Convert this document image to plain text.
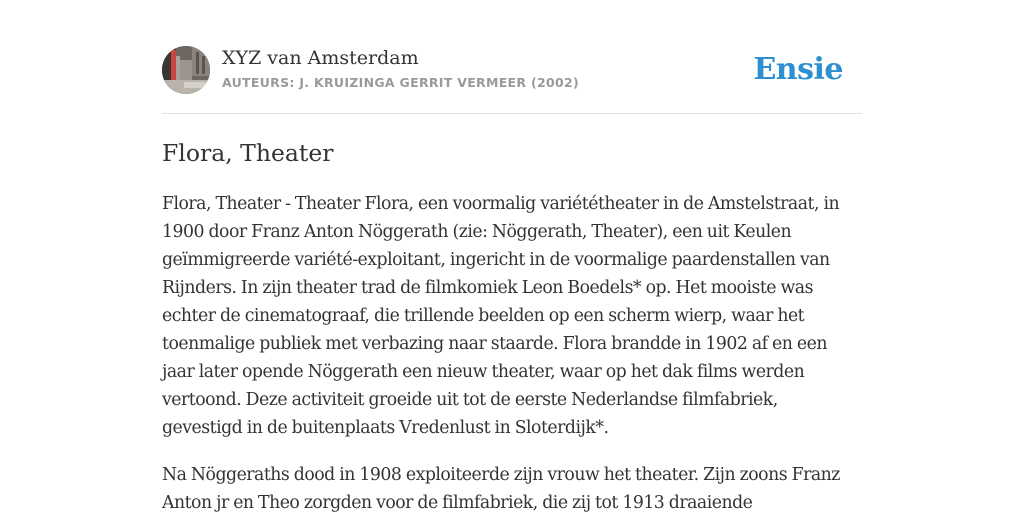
XYZ van Amsterdam
AUTEURS: J. KRUIZINGA GERRIT VERMEER (2002)	Ensie
Flora, Theater

Flora, Theater - Theater Flora, een voormalig variététheater in de Amstelstraat, in 1900 door Franz Anton Nöggerath (zie: Nöggerath, Theater), een uit Keulen geïmmigreerde variété-exploitant, ingericht in de voormalige paardenstallen van Rijnders. In zijn theater trad de filmkomiek Leon Boedels* op. Het mooiste was echter de cinematograaf, die trillende beelden op een scherm wierp, waar het toenmalige publiek met verbazing naar staarde. Flora brandde in 1902 af en een jaar later opende Nöggerath een nieuw theater, waar op het dak films werden vertoond. Deze activiteit groeide uit tot de eerste Nederlandse filmfabriek, gevestigd in de buitenplaats Vredenlust in Sloterdijk*.

Na Nöggeraths dood in 1908 exploiteerde zijn vrouw het theater. Zijn zoons Franz Anton jr en Theo zorgden voor de filmfabriek, die zij tot 1913 draaiende
